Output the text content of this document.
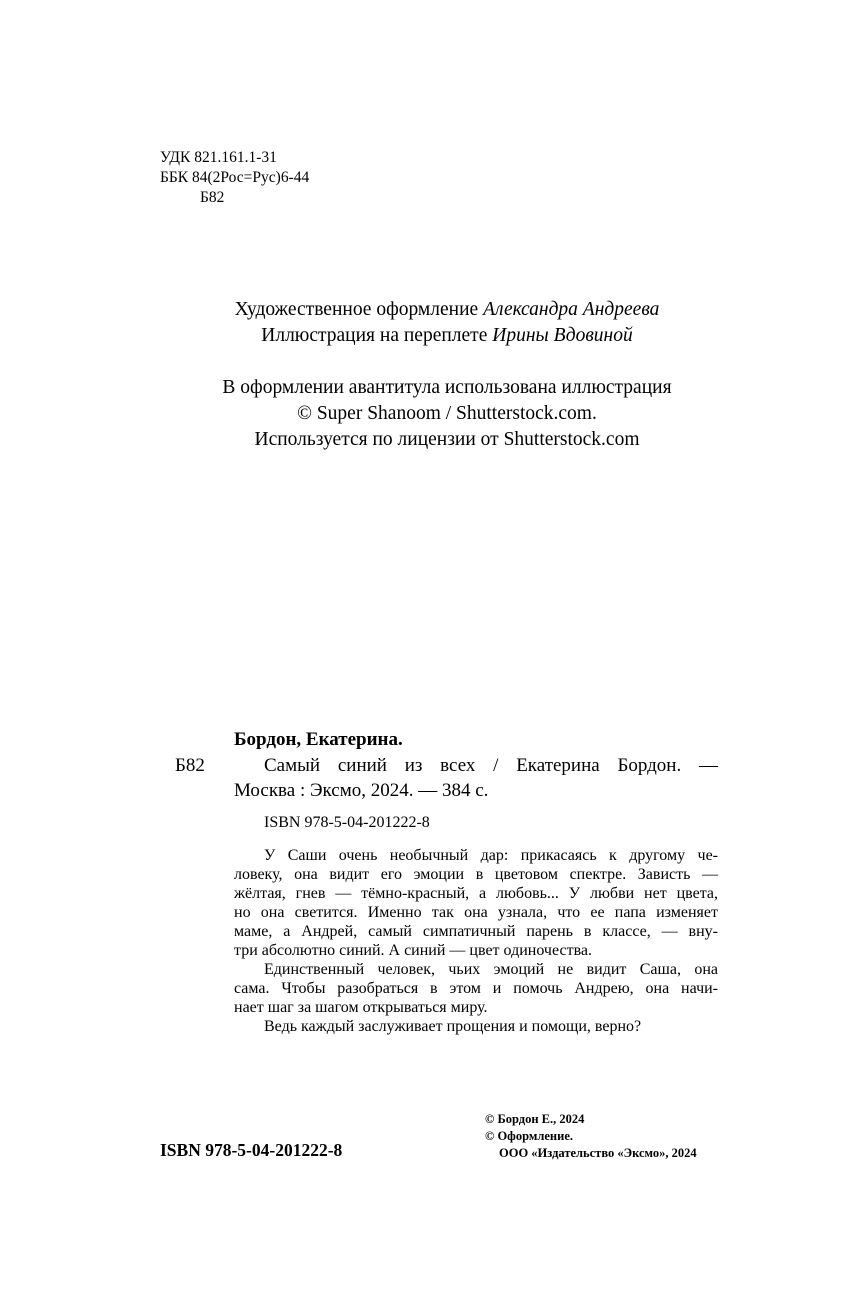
УДК 821.161.1-31
ББК 84(2Рос=Рус)6-44
Б82
Художественное оформление Александра Андреева
Иллюстрация на переплете Ирины Вдовиной
В оформлении авантитула использована иллюстрация
© Super Shanoom / Shutterstock.com.
Используется по лицензии от Shutterstock.com
Бордон, Екатерина.
Б82	Самый синий из всех / Екатерина Бордон. —
Москва : Эксмо, 2024. — 384 с.
ISBN 978-5-04-201222-8

У Саши очень необычный дар: прикасаясь к другому че-

ловеку, она видит его эмоции в цветовом спектре. Зависть —

жёлтая, гнев — тёмно-красный, а любовь... У любви нет цвета,

но она светится. Именно так она узнала, что ее папа изменяет

маме, а Андрей, самый симпатичный парень в классе, — вну-

три абсолютно синий. А синий — цвет одиночества.

Единственный человек, чьих эмоций не видит Саша, она

сама. Чтобы разобраться в этом и помочь Андрею, она начи-

нает шаг за шагом открываться миру.

Ведь каждый заслуживает прощения и помощи, верно?

ISBN 978-5-04-201222-8
© Бордон Е., 2024
© Оформление.
ООО «Издательство «Эксмо», 2024
